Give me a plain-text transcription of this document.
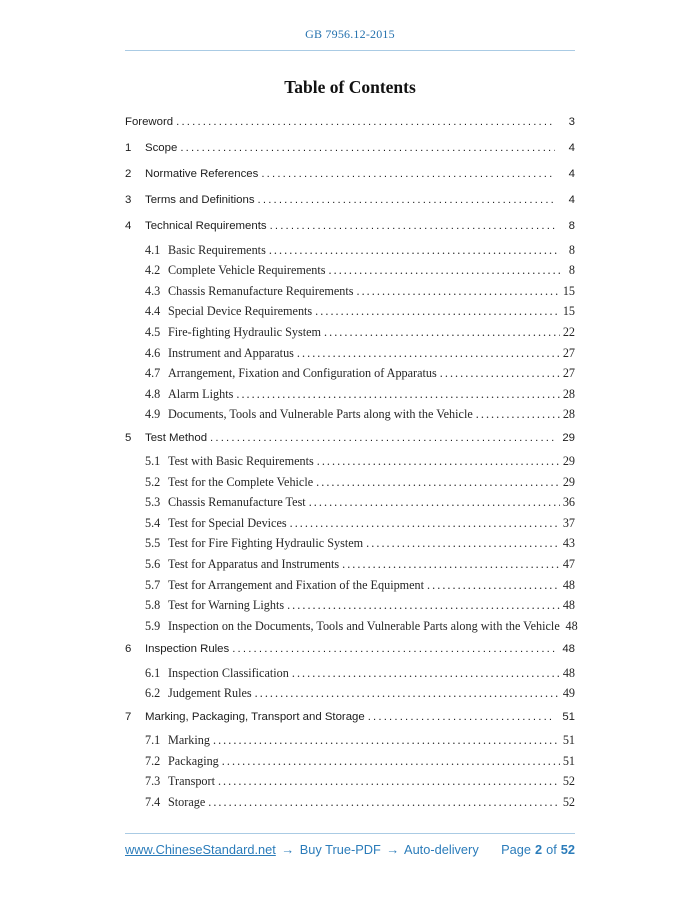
GB 7956.12-2015
Table of Contents
Foreword . . .	3
1	Scope . . .	4
2	Normative References . . .	4
3	Terms and Definitions . . .	4
4	Technical Requirements . . .	8
4.1 Basic Requirements . . .	8
4.2 Complete Vehicle Requirements . . .	8
4.3 Chassis Remanufacture Requirements . . .	15
4.4 Special Device Requirements . . .	15
4.5 Fire-fighting Hydraulic System . . .	22
4.6 Instrument and Apparatus . . .	27
4.7 Arrangement, Fixation and Configuration of Apparatus . . .	27
4.8 Alarm Lights . . .	28
4.9 Documents, Tools and Vulnerable Parts along with the Vehicle . . .	28
5	Test Method . . .	29
5.1 Test with Basic Requirements . . .	29
5.2 Test for the Complete Vehicle . . .	29
5.3 Chassis Remanufacture Test . . .	36
5.4 Test for Special Devices . . .	37
5.5 Test for Fire Fighting Hydraulic System . . .	43
5.6 Test for Apparatus and Instruments . . .	47
5.7 Test for Arrangement and Fixation of the Equipment . . .	48
5.8 Test for Warning Lights . . .	48
5.9 Inspection on the Documents, Tools and Vulnerable Parts along with the Vehicle 48
6	Inspection Rules . . .	48
6.1 Inspection Classification . . .	48
6.2 Judgement Rules . . .	49
7	Marking, Packaging, Transport and Storage . . .	51
7.1 Marking . . .	51
7.2 Packaging . . .	51
7.3 Transport . . .	52
7.4 Storage . . .	52
www.ChineseStandard.net → Buy True-PDF → Auto-delivery Page 2 of 52
